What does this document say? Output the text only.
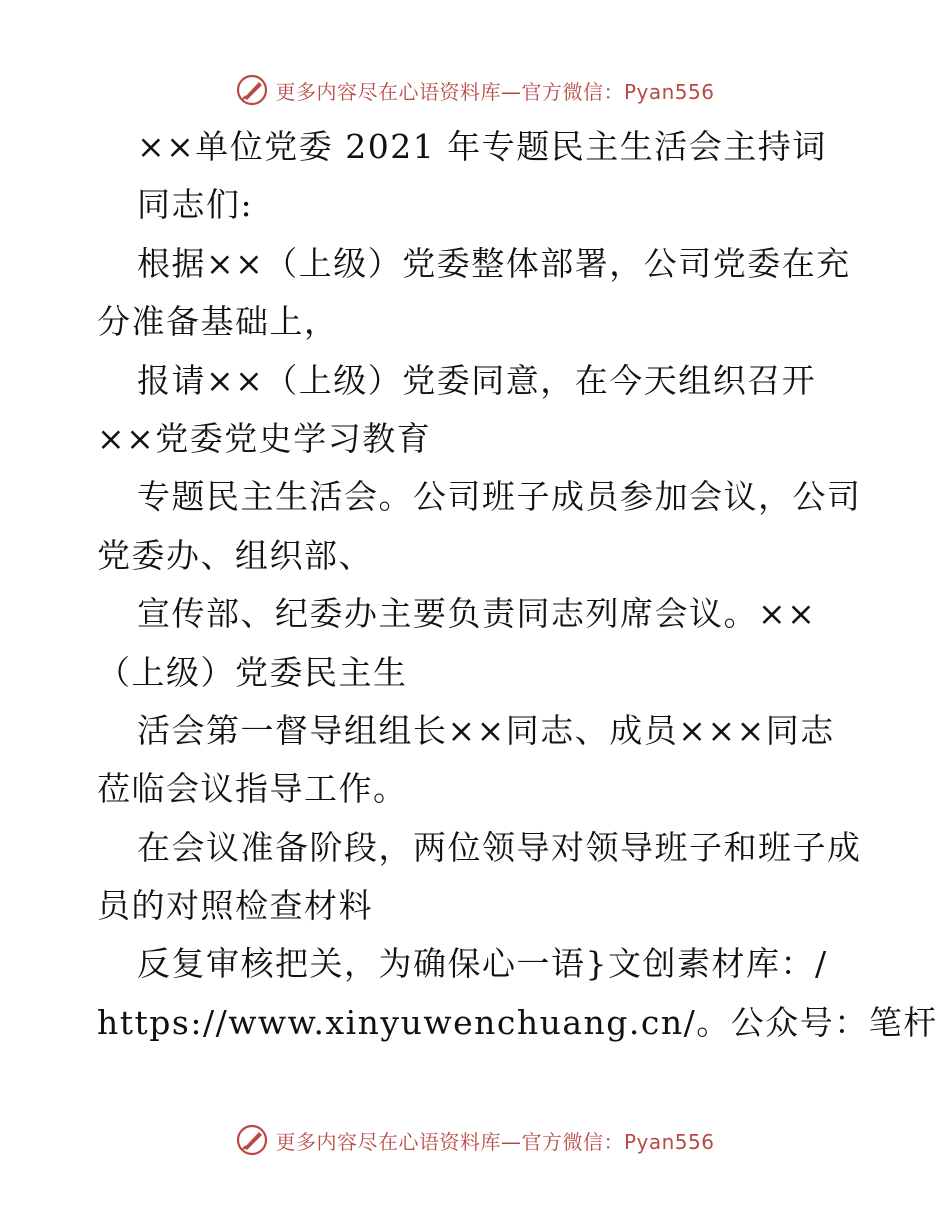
更多内容尽在心语资料库—官方微信：Pyan556
××单位党委 2021 年专题民主生活会主持词
同志们:
根据××（上级）党委整体部署，公司党委在充
分准备基础上，
报请××（上级）党委同意，在今天组织召开
××党委党史学习教育
专题民主生活会。公司班子成员参加会议，公司
党委办、组织部、
宣传部、纪委办主要负责同志列席会议。××
（上级）党委民主生
活会第一督导组组长××同志、成员×××同志
莅临会议指导工作。
在会议准备阶段，两位领导对领导班子和班子成
员的对照检查材料
反复审核把关，为确保心一语}文创素材库：/
https://www.xinyuwenchuang.cn/。公众号：笔杆
更多内容尽在心语资料库—官方微信：Pyan556
